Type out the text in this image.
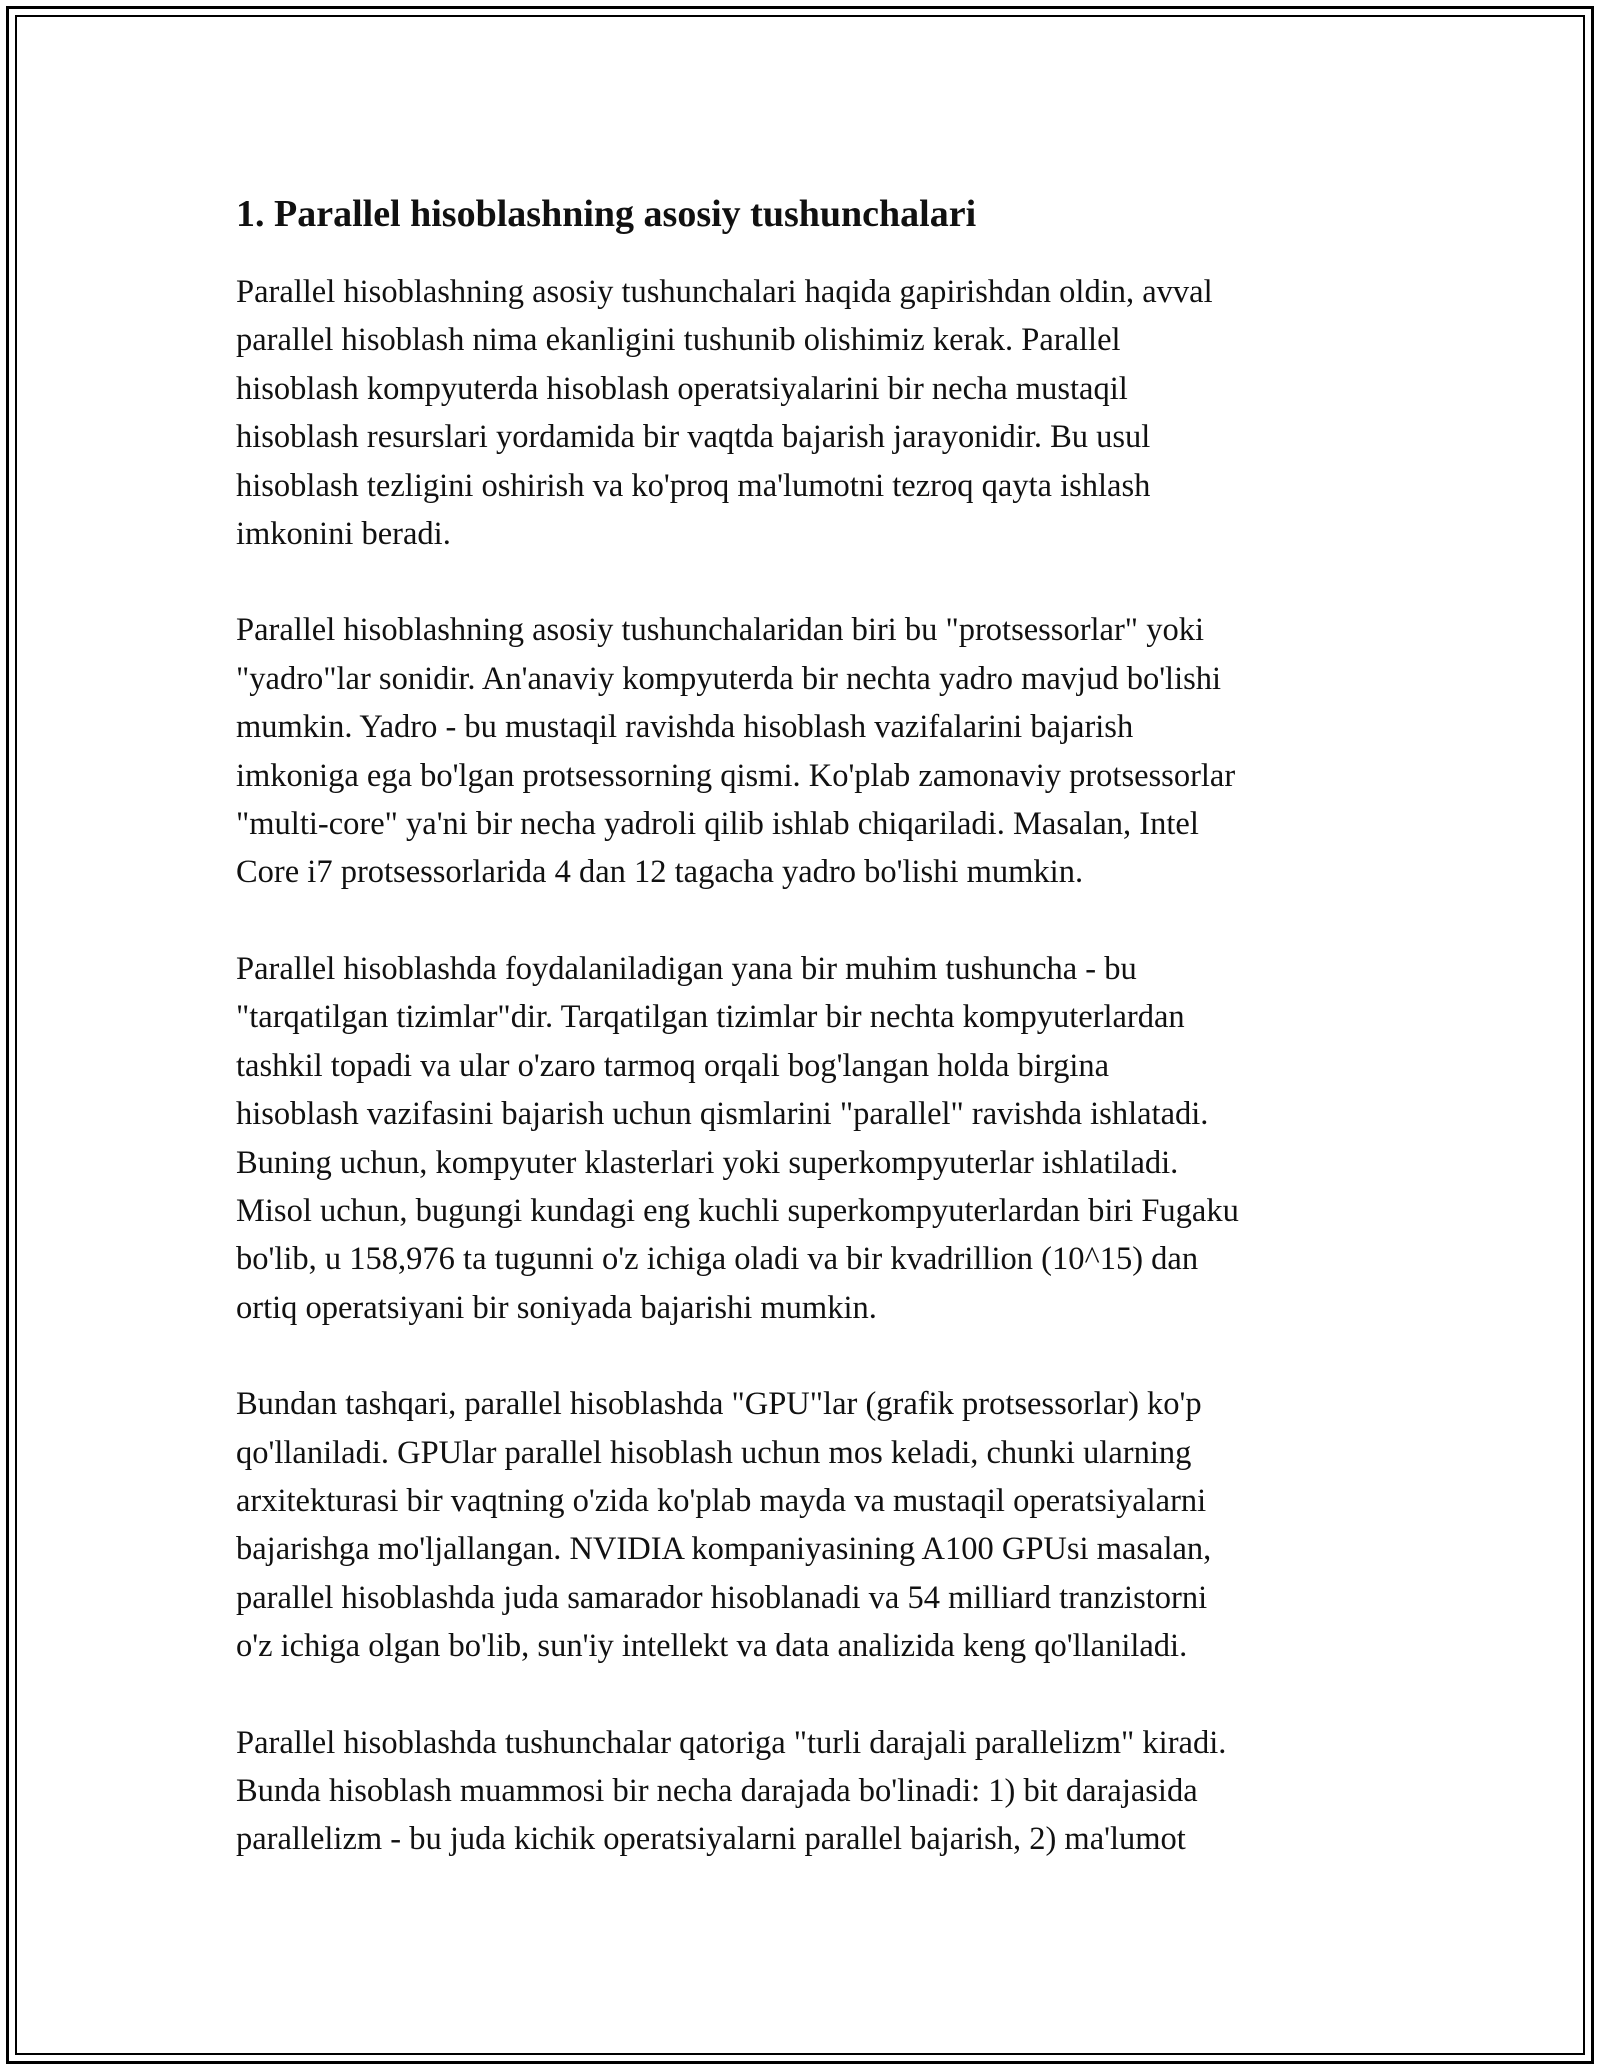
1. Parallel hisoblashning asosiy tushunchalari

Parallel hisoblashning asosiy tushunchalari haqida gapirishdan oldin, avval
parallel hisoblash nima ekanligini tushunib olishimiz kerak. Parallel
hisoblash kompyuterda hisoblash operatsiyalarini bir necha mustaqil
hisoblash resurslari yordamida bir vaqtda bajarish jarayonidir. Bu usul
hisoblash tezligini oshirish va ko'proq ma'lumotni tezroq qayta ishlash
imkonini beradi.

Parallel hisoblashning asosiy tushunchalaridan biri bu "protsessorlar" yoki
"yadro"lar sonidir. An'anaviy kompyuterda bir nechta yadro mavjud bo'lishi
mumkin. Yadro - bu mustaqil ravishda hisoblash vazifalarini bajarish
imkoniga ega bo'lgan protsessorning qismi. Ko'plab zamonaviy protsessorlar
"multi-core" ya'ni bir necha yadroli qilib ishlab chiqariladi. Masalan, Intel
Core i7 protsessorlarida 4 dan 12 tagacha yadro bo'lishi mumkin.

Parallel hisoblashda foydalaniladigan yana bir muhim tushuncha - bu
"tarqatilgan tizimlar"dir. Tarqatilgan tizimlar bir nechta kompyuterlardan
tashkil topadi va ular o'zaro tarmoq orqali bog'langan holda birgina
hisoblash vazifasini bajarish uchun qismlarini "parallel" ravishda ishlatadi.
Buning uchun, kompyuter klasterlari yoki superkompyuterlar ishlatiladi.
Misol uchun, bugungi kundagi eng kuchli superkompyuterlardan biri Fugaku
bo'lib, u 158,976 ta tugunni o'z ichiga oladi va bir kvadrillion (10^15) dan
ortiq operatsiyani bir soniyada bajarishi mumkin.

Bundan tashqari, parallel hisoblashda "GPU"lar (grafik protsessorlar) ko'p
qo'llaniladi. GPUlar parallel hisoblash uchun mos keladi, chunki ularning
arxitekturasi bir vaqtning o'zida ko'plab mayda va mustaqil operatsiyalarni
bajarishga mo'ljallangan. NVIDIA kompaniyasining A100 GPUsi masalan,
parallel hisoblashda juda samarador hisoblanadi va 54 milliard tranzistorni
o'z ichiga olgan bo'lib, sun'iy intellekt va data analizida keng qo'llaniladi.

Parallel hisoblashda tushunchalar qatoriga "turli darajali parallelizm" kiradi.
Bunda hisoblash muammosi bir necha darajada bo'linadi: 1) bit darajasida
parallelizm - bu juda kichik operatsiyalarni parallel bajarish, 2) ma'lumot
